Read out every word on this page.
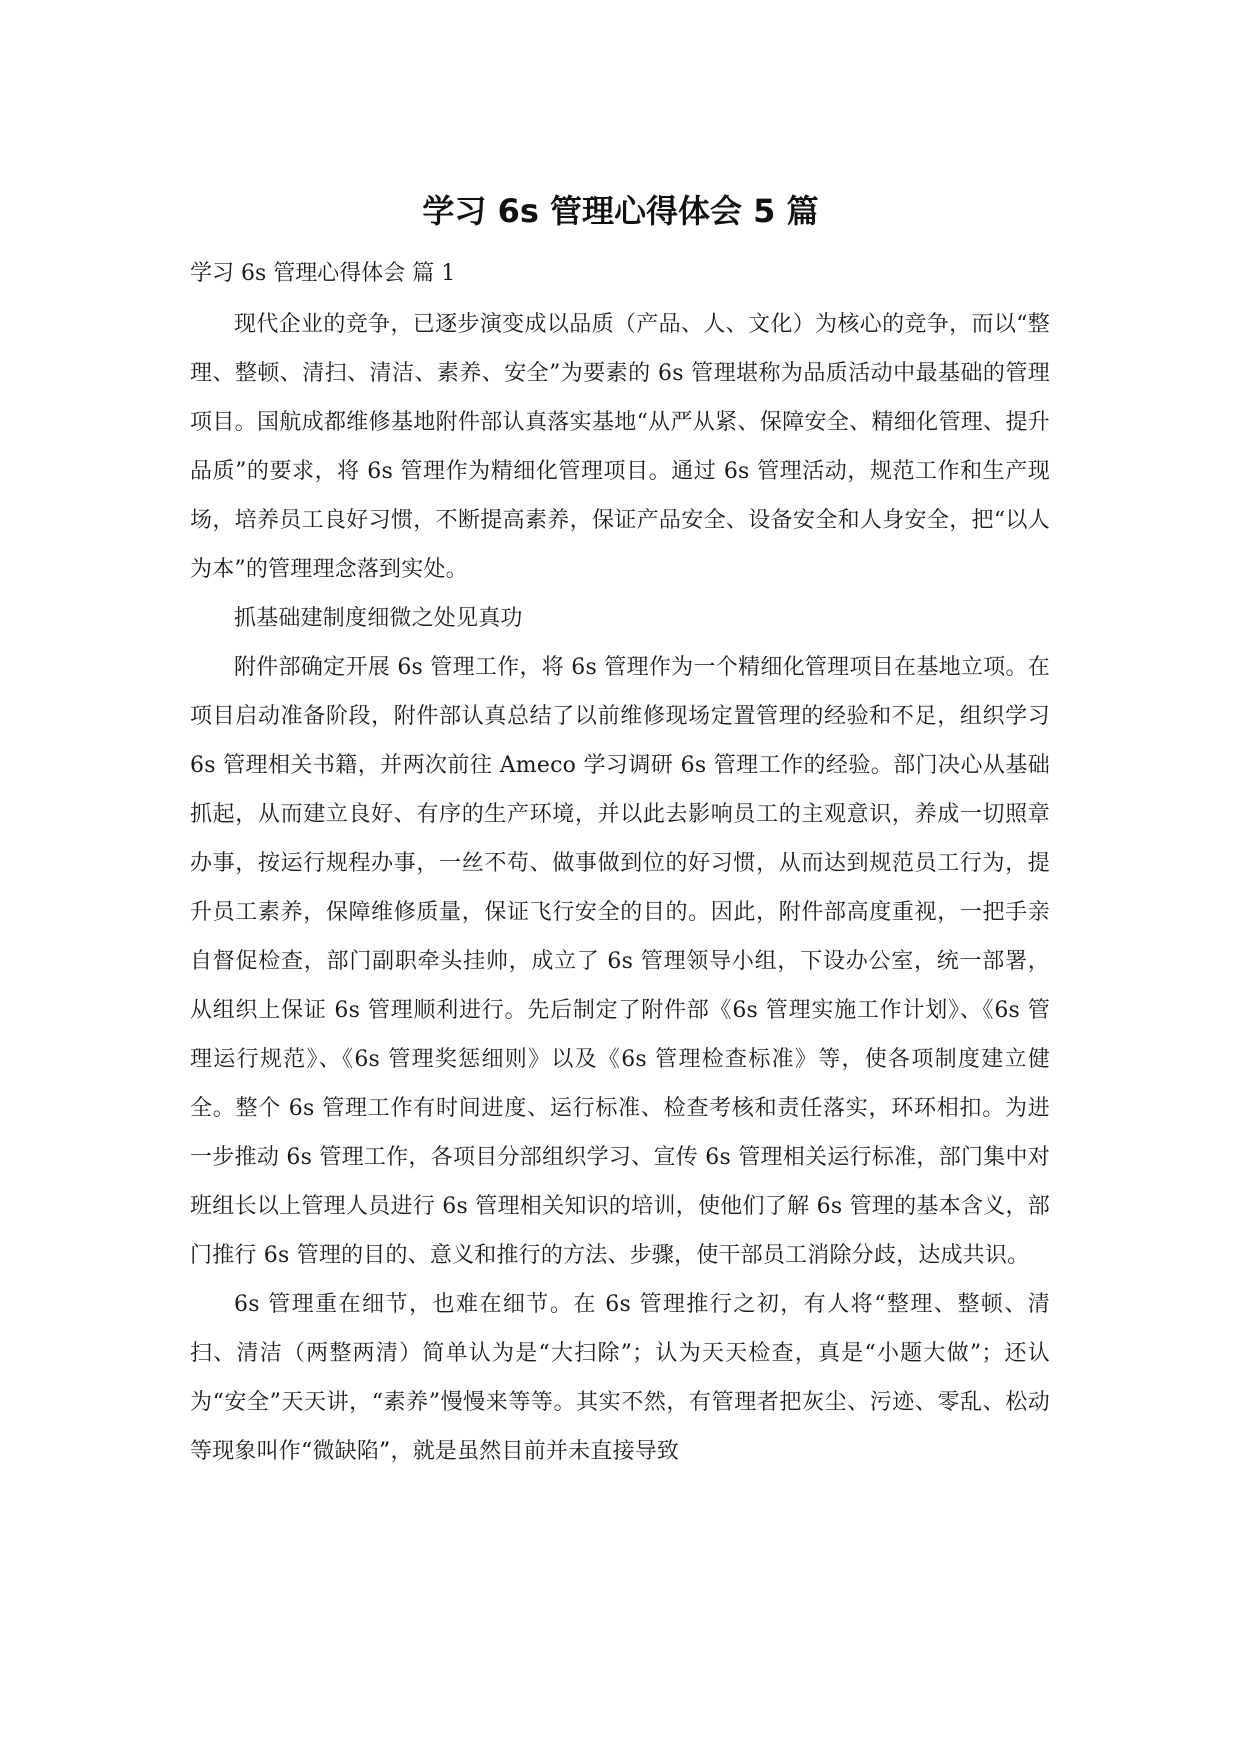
学习 6s 管理心得体会 5 篇

学习 6s 管理心得体会 篇 1

现代企业的竞争，已逐步演变成以品质（产品、人、文化）为核心的竞争，而以“整理、整顿、清扫、清洁、素养、安全”为要素的 6s 管理堪称为品质活动中最基础的管理项目。国航成都维修基地附件部认真落实基地“从严从紧、保障安全、精细化管理、提升品质”的要求，将 6s 管理作为精细化管理项目。通过 6s 管理活动，规范工作和生产现场，培养员工良好习惯，不断提高素养，保证产品安全、设备安全和人身安全，把“以人为本”的管理理念落到实处。

抓基础建制度细微之处见真功

附件部确定开展 6s 管理工作，将 6s 管理作为一个精细化管理项目在基地立项。在项目启动准备阶段，附件部认真总结了以前维修现场定置管理的经验和不足，组织学习 6s 管理相关书籍，并两次前往 Ameco 学习调研 6s 管理工作的经验。部门决心从基础抓起，从而建立良好、有序的生产环境，并以此去影响员工的主观意识，养成一切照章办事，按运行规程办事，一丝不苟、做事做到位的好习惯，从而达到规范员工行为，提升员工素养，保障维修质量，保证飞行安全的目的。因此，附件部高度重视，一把手亲自督促检查，部门副职牵头挂帅，成立了 6s 管理领导小组，下设办公室，统一部署，从组织上保证 6s 管理顺利进行。先后制定了附件部《6s 管理实施工作计划》、《6s 管理运行规范》、《6s 管理奖惩细则》以及《6s 管理检查标准》等，使各项制度建立健全。整个 6s 管理工作有时间进度、运行标准、检查考核和责任落实，环环相扣。为进一步推动 6s 管理工作，各项目分部组织学习、宣传 6s 管理相关运行标准，部门集中对班组长以上管理人员进行 6s 管理相关知识的培训，使他们了解 6s 管理的基本含义，部门推行 6s 管理的目的、意义和推行的方法、步骤，使干部员工消除分歧，达成共识。

6s 管理重在细节，也难在细节。在 6s 管理推行之初，有人将“整理、整顿、清扫、清洁（两整两清）简单认为是“大扫除”；认为天天检查，真是“小题大做”；还认为“安全”天天讲，“素养”慢慢来等等。其实不然，有管理者把灰尘、污迹、零乱、松动等现象叫作“微缺陷”，就是虽然目前并未直接导致
